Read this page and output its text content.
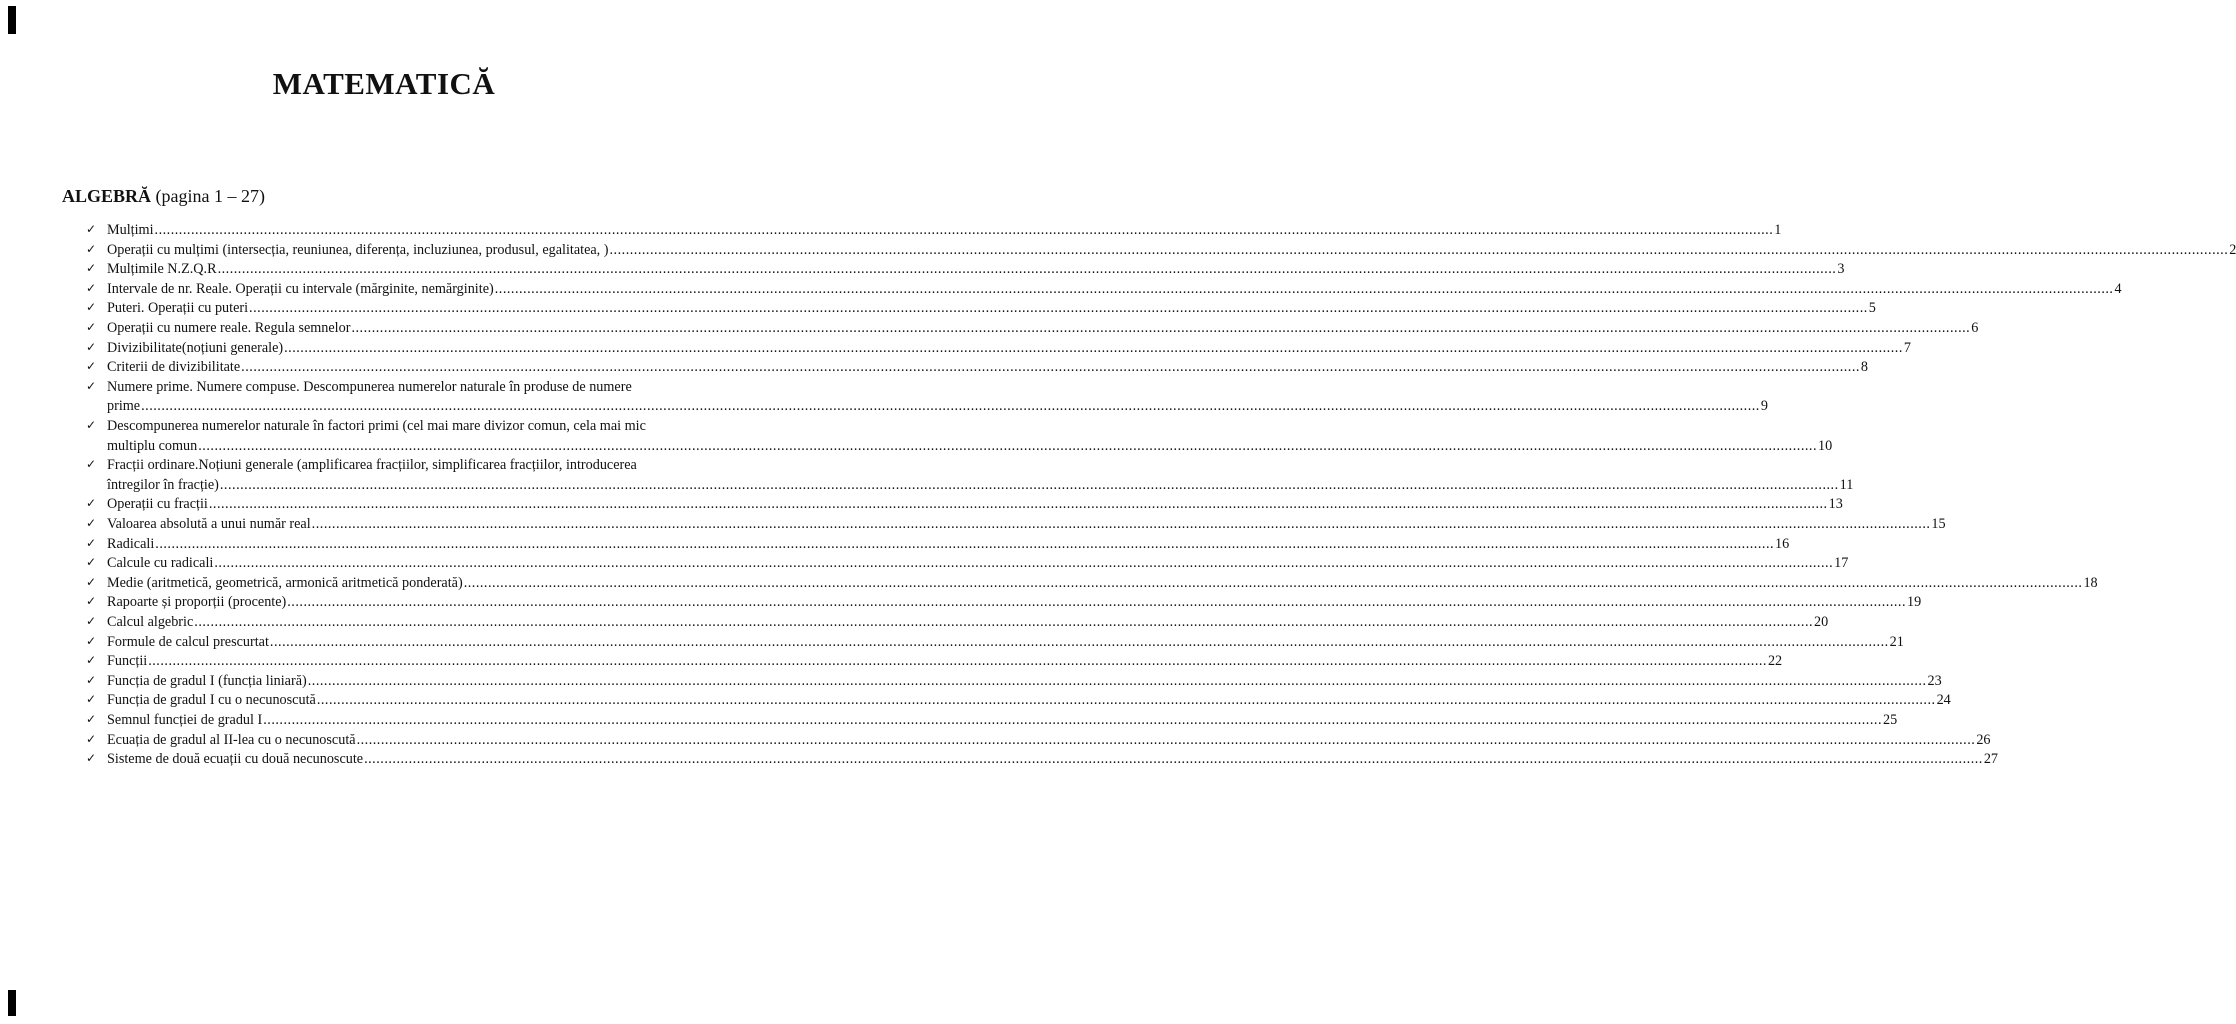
MATEMATICĂ
ALGEBRĂ (pagina 1 – 27)
✓ Mulțimi ................................................................................................................................................................................................................................................................................................................................................................................................................ 1
✓ Operații cu mulțimi (intersecția, reuniunea, diferența, incluziunea, produsul, egalitatea, ) ................................................................................................................................................................................................................................................................................................................................................................................................................ 2
✓ Mulțimile N.Z.Q.R ................................................................................................................................................................................................................................................................................................................................................................................................................ 3
✓ Intervale de nr. Reale. Operații cu intervale (mărginite, nemărginite) ................................................................................................................................................................................................................................................................................................................................................................................................................ 4
✓ Puteri. Operații cu puteri ................................................................................................................................................................................................................................................................................................................................................................................................................ 5
✓ Operații cu numere reale. Regula semnelor ................................................................................................................................................................................................................................................................................................................................................................................................................ 6
✓ Divizibilitate(noțiuni generale) ................................................................................................................................................................................................................................................................................................................................................................................................................ 7
✓ Criterii de divizibilitate ................................................................................................................................................................................................................................................................................................................................................................................................................ 8
✓ Numere prime. Numere compuse. Descompunerea numerelor naturale în produse de numere
prime ................................................................................................................................................................................................................................................................................................................................................................................................................ 9
✓ Descompunerea numerelor naturale în factori primi (cel mai mare divizor comun, cela mai mic
multiplu comun ................................................................................................................................................................................................................................................................................................................................................................................................................ 10
✓ Fracții ordinare.Noțiuni generale (amplificarea fracțiilor, simplificarea fracțiilor, introducerea
întregilor în fracție) ................................................................................................................................................................................................................................................................................................................................................................................................................ 11
✓ Operații cu fracții ................................................................................................................................................................................................................................................................................................................................................................................................................ 13
✓ Valoarea absolută a unui număr real ................................................................................................................................................................................................................................................................................................................................................................................................................ 15
✓ Radicali ................................................................................................................................................................................................................................................................................................................................................................................................................ 16
✓ Calcule cu radicali ................................................................................................................................................................................................................................................................................................................................................................................................................ 17
✓ Medie (aritmetică, geometrică, armonică aritmetică ponderată) ................................................................................................................................................................................................................................................................................................................................................................................................................ 18
✓ Rapoarte și proporții (procente) ................................................................................................................................................................................................................................................................................................................................................................................................................ 19
✓ Calcul algebric ................................................................................................................................................................................................................................................................................................................................................................................................................ 20
✓ Formule de calcul prescurtat ................................................................................................................................................................................................................................................................................................................................................................................................................ 21
✓ Funcții ................................................................................................................................................................................................................................................................................................................................................................................................................ 22
✓ Funcția de gradul I (funcția liniară) ................................................................................................................................................................................................................................................................................................................................................................................................................ 23
✓ Funcția de gradul I cu o necunoscută ................................................................................................................................................................................................................................................................................................................................................................................................................ 24
✓ Semnul funcției de gradul I ................................................................................................................................................................................................................................................................................................................................................................................................................ 25
✓ Ecuația de gradul al II-lea cu o necunoscută ................................................................................................................................................................................................................................................................................................................................................................................................................ 26
✓ Sisteme de două ecuații cu două necunoscute ................................................................................................................................................................................................................................................................................................................................................................................................................ 27
